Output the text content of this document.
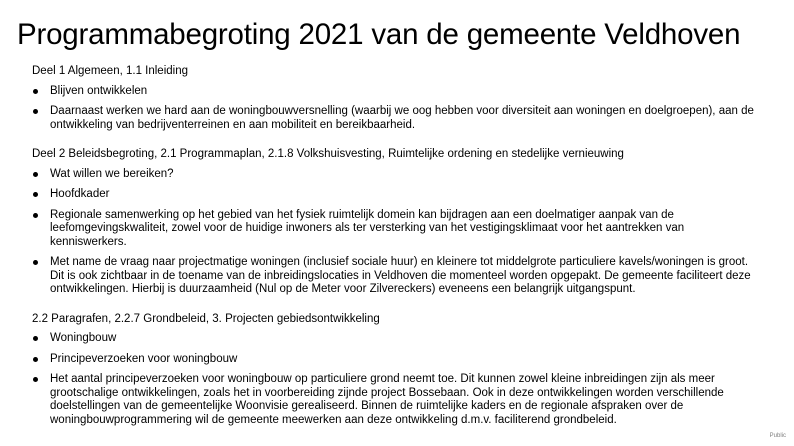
Programmabegroting 2021 van de gemeente Veldhoven
Deel 1 Algemeen, 1.1 Inleiding
Blijven ontwikkelen
Daarnaast werken we hard aan de woningbouwversnelling (waarbij we oog hebben voor diversiteit aan woningen en doelgroepen), aan de ontwikkeling van bedrijventerreinen en aan mobiliteit en bereikbaarheid.
Deel 2 Beleidsbegroting, 2.1 Programmaplan, 2.1.8 Volkshuisvesting, Ruimtelijke ordening en stedelijke vernieuwing
Wat willen we bereiken?
Hoofdkader
Regionale samenwerking op het gebied van het fysiek ruimtelijk domein kan bijdragen aan een doelmatiger aanpak van de leefomgevingskwaliteit, zowel voor de huidige inwoners als ter versterking van het vestigingsklimaat voor het aantrekken van kenniswerkers.
Met name de vraag naar projectmatige woningen (inclusief sociale huur) en kleinere tot middelgrote particuliere kavels/woningen is groot. Dit is ook zichtbaar in de toename van de inbreidingslocaties in Veldhoven die momenteel worden opgepakt. De gemeente faciliteert deze ontwikkelingen. Hierbij is duurzaamheid (Nul op de Meter voor Zilvereckers) eveneens een belangrijk uitgangspunt.
2.2 Paragrafen, 2.2.7 Grondbeleid, 3. Projecten gebiedsontwikkeling
Woningbouw
Principeverzoeken voor woningbouw
Het aantal principeverzoeken voor woningbouw op particuliere grond neemt toe. Dit kunnen zowel kleine inbreidingen zijn als meer grootschalige ontwikkelingen, zoals het in voorbereiding zijnde project Bossebaan. Ook in deze ontwikkelingen worden verschillende doelstellingen van de gemeentelijke Woonvisie gerealiseerd. Binnen de ruimtelijke kaders en de regionale afspraken over de woningbouwprogrammering wil de gemeente meewerken aan deze ontwikkeling d.m.v. faciliterend grondbeleid.
Public
